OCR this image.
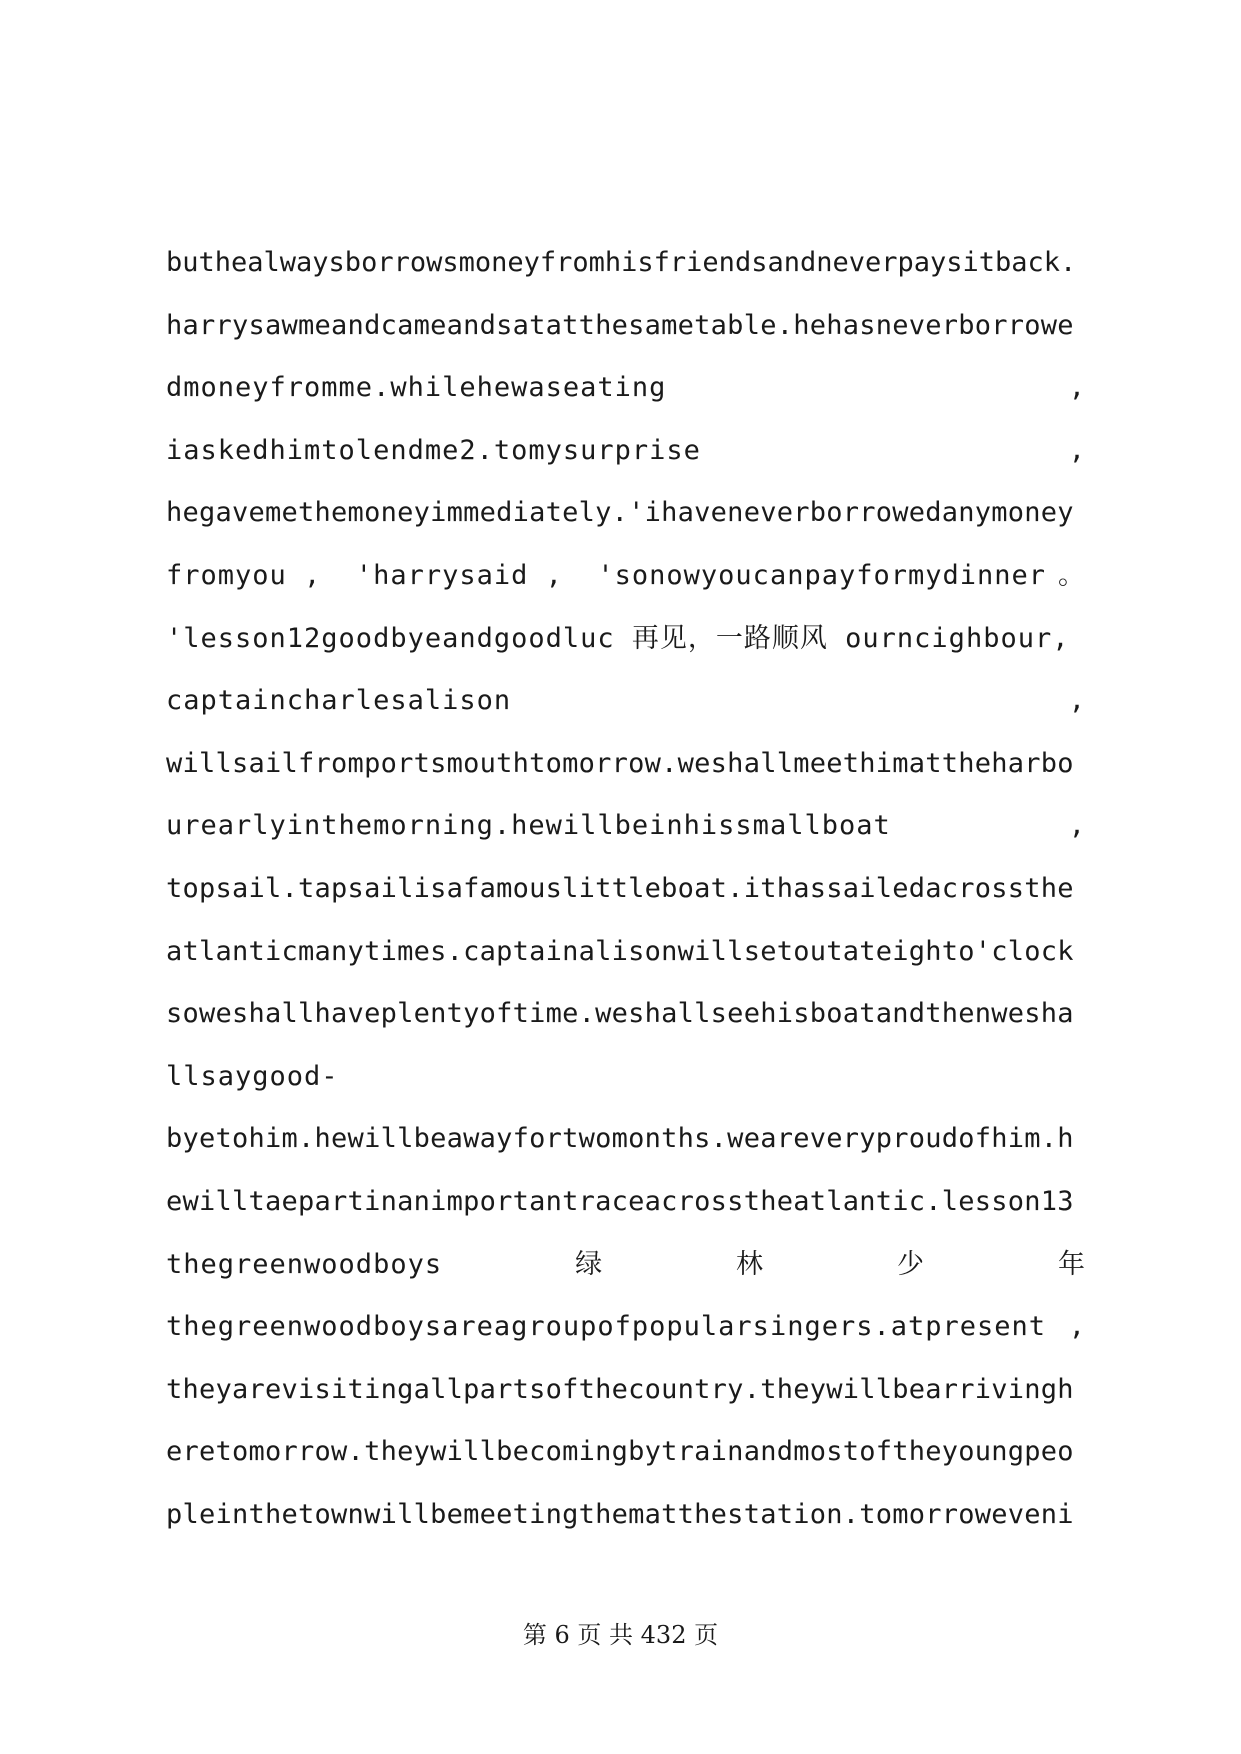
buthealwaysborrowsmoneyfromhisfriendsandneverpaysitback.
harrysawmeandcameandsatatthesametable.hehasneverborrowe
dmoneyfromme.whilehewaseating	,
iaskedhimtolendme2.tomysurprise	,
hegavemethemoneyimmediately.'ihaveneverborrowedanymoney
fromyou ,  'harrysaid ,  'sonowyoucanpayformydinner 。
'lesson12goodbyeandgoodluc 再见，一路顺风 ourncighbour,
captaincharlesalison	,
willsailfromportsmouthtomorrow.weshallmeethimattheharbo
urearlyinthemorning.hewillbeinhissmallboat	,
topsail.tapsailisafamouslittleboat.ithassailedacrossthe
atlanticmanytimes.captainalisonwillsetoutateighto'clock
soweshallhaveplentyoftime.weshallseehisboatandthenwesha
llsaygood-
byetohim.hewillbeawayfortwomonths.weareveryproudofhim.h
ewilltaepartinanimportantraceacrosstheatlantic.lesson13
thegreenwoodboys	绿	林	少	年
thegreenwoodboysareagroupofpopularsingers.atpresent ,
theyarevisitingallpartsofthecountry.theywillbearrivingh
eretomorrow.theywillbecomingbytrainandmostoftheyoungpeo
pleinthetownwillbemeetingthematthestation.tomorroweveni
第 6 页 共 432 页
